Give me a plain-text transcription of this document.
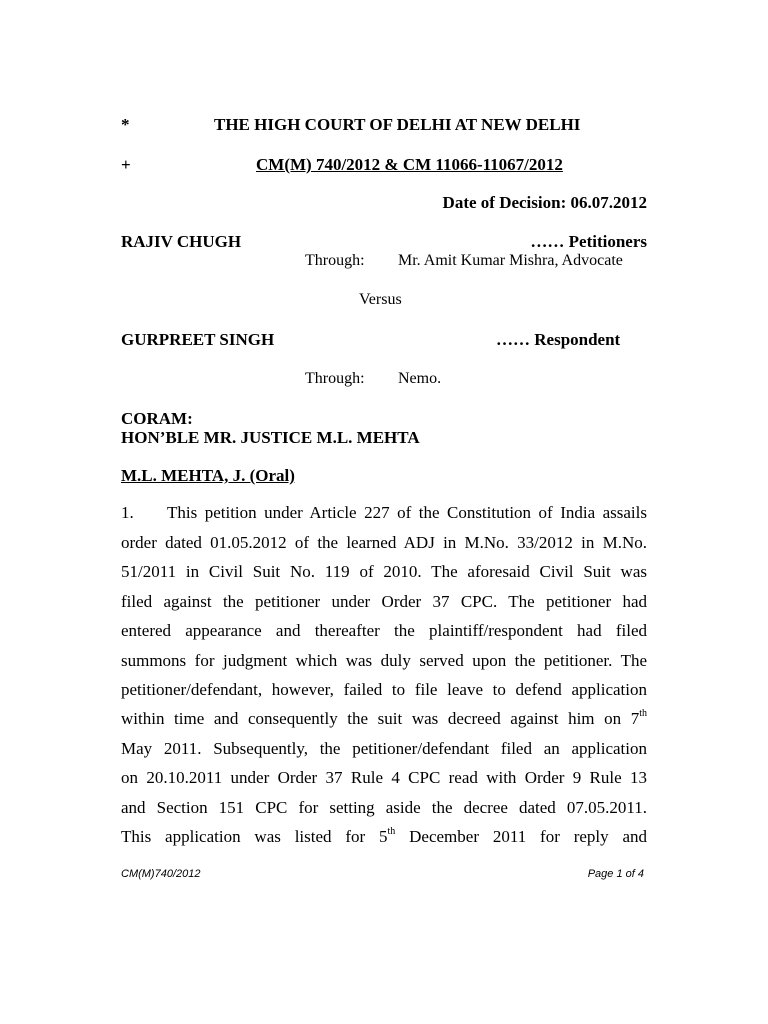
*	THE HIGH COURT OF DELHI AT NEW DELHI
+	CM(M) 740/2012 & CM 11066-11067/2012
Date of Decision: 06.07.2012
RAJIV CHUGH	…… Petitioners
Through: Mr. Amit Kumar Mishra, Advocate
Versus
GURPREET SINGH	…… Respondent
Through: Nemo.
CORAM:
HON’BLE MR. JUSTICE M.L. MEHTA
M.L. MEHTA, J. (Oral)
1. This petition under Article 227 of the Constitution of India assails
order dated 01.05.2012 of the learned ADJ in M.No. 33/2012 in M.No.
51/2011 in Civil Suit No. 119 of 2010. The aforesaid Civil Suit was
filed against the petitioner under Order 37 CPC. The petitioner had
entered appearance and thereafter the plaintiff/respondent had filed
summons for judgment which was duly served upon the petitioner. The
petitioner/defendant, however, failed to file leave to defend application
within time and consequently the suit was decreed against him on 7th
May 2011. Subsequently, the petitioner/defendant filed an application
on 20.10.2011 under Order 37 Rule 4 CPC read with Order 9 Rule 13
and Section 151 CPC for setting aside the decree dated 07.05.2011.
This application was listed for 5th December 2011 for reply and
CM(M)740/2012	Page 1 of 4
